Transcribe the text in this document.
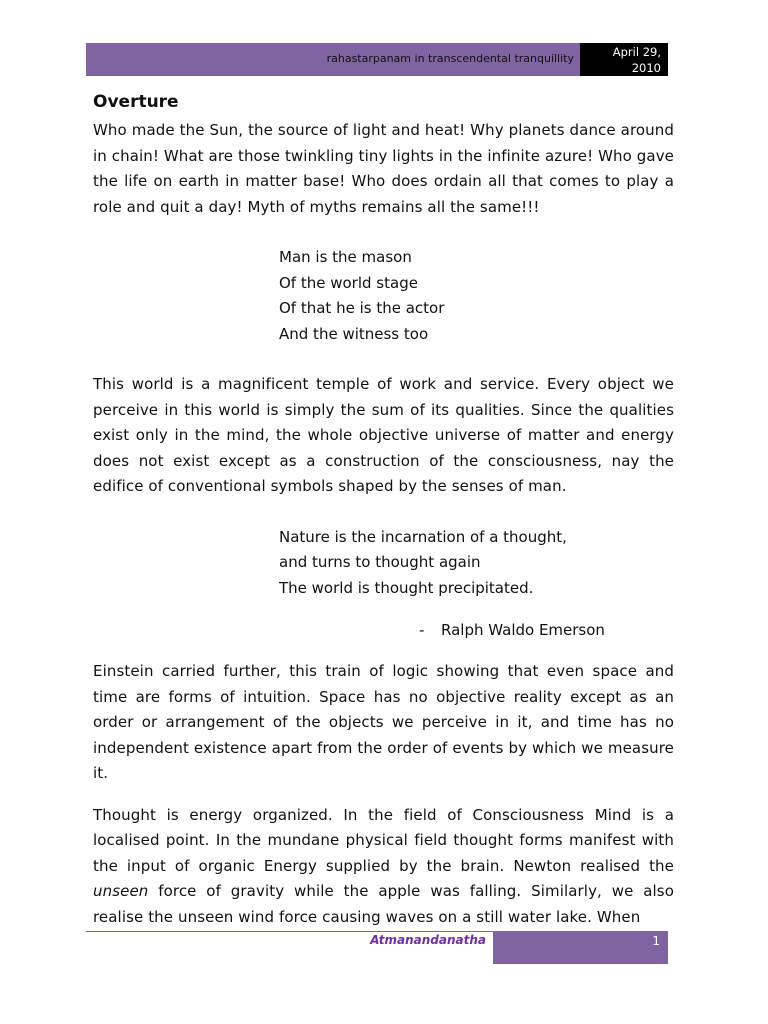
rahastarpanam in transcendental tranquillity	April 29,
2010
Overture

Who made the Sun, the source of light and heat! Why planets dance around in chain! What are those twinkling tiny lights in the infinite azure! Who gave the life on earth in matter base! Who does ordain all that comes to play a role and quit a day! Myth of myths remains all the same!!!

Man is the mason
Of the world stage
Of that he is the actor
And the witness too

This world is a magnificent temple of work and service. Every object we perceive in this world is simply the sum of its qualities. Since the qualities exist only in the mind, the whole objective universe of matter and energy does not exist except as a construction of the consciousness, nay the edifice of conventional symbols shaped by the senses of man.

Nature is the incarnation of a thought,
and turns to thought again
The world is thought precipitated.
- Ralph Waldo Emerson

Einstein carried further, this train of logic showing that even space and time are forms of intuition. Space has no objective reality except as an order or arrangement of the objects we perceive in it, and time has no independent existence apart from the order of events by which we measure it.

Thought is energy organized. In the field of Consciousness Mind is a localised point. In the mundane physical field thought forms manifest with the input of organic Energy supplied by the brain. Newton realised the unseen force of gravity while the apple was falling. Similarly, we also realise the unseen wind force causing waves on a still water lake. When

Atmanandanatha	1
